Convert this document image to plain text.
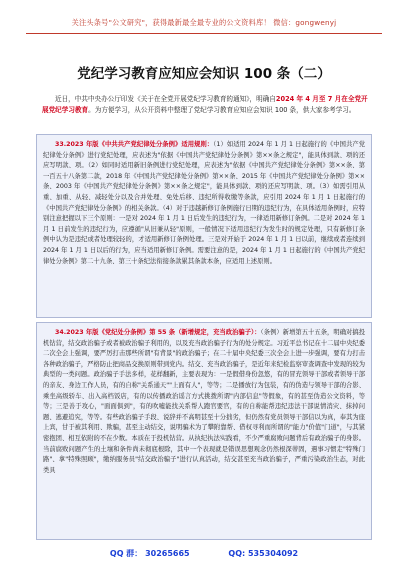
关注头条号"公文研究"，获得最新最全最专业的公文资料库！ 微信：gongwenyj
党纪学习教育应知应会知识 100 条（二）
近日，中共中央办公厅印发《关于在全党开展党纪学习教育的通知》，明确自2024 年 4 月至 7 月在全党开展党纪学习教育。为方便学习，从公开资料中整理了党纪学习教育应知应会知识 100 条，供大家参考学习。

33.2023 年版《中共共产党纪律处分条例》适用规则：（1）如适用 2024 年 1 月 1 日起施行的《中国共产党纪律处分条例》进行党纪处理，应表述为"依据《中国共产党纪律处分条例》第××条之规定"，能具体到款、项的还应写明款、项。（2）如同时适用新旧条例进行党纪处理，应表述为"依据《中国共产党纪律处分条例》第××条、第一百五十八条第二款，2018 年《中国共产党纪律处分条例》第××条、2015 年《中国共产党纪律处分条例》第××条、2003 年《中国共产党纪律处分条例》第××条之规定"，能具体到款、项的还应写明款、项。（3）如需引用从重、加重、从轻、减轻处分以及合并处理、免处后移、违纪所得收缴等条款，应引用 2024 年 1 月 1 日起施行的《中国共产党纪律处分条例》的相关条款。（4）对于违越新修订条例施行日期的违纪行为，在具体适用条例时，应特别注意把握以下三个原则：一是对 2024 年 1 月 1 日后发生的违纪行为，一律适用新修订条例。二是对 2024 年 1 月 1 日前发生的违纪行为，应遵循"从旧兼从轻"原则，一般情况下适用违纪行为发生时的规定处理，只有新修订条例中认为是违纪或者处理较轻的，才适用新修订条例处理。三是对开始于 2024 年 1 月 1 日以前，继续或者连续到 2024 年 1 月 1 日以后的行为，应当适用新修订条例。需要注意的是，2024 年 1 月 1 日起施行的《中国共产党纪律处分条例》第二十九条、第三十条纪法衔接条款累其条款本条，应适用上述原则。

34.2023 年版《党纪处分条例》第 55 条（新增规定，充当政治骗子）：（条例）新增第五十五条，明确对搞投机钻营，结交政治骗子或者被政治骗子利用的，以及充当政治骗子行为的处分规定。习近平总书记在十二届中央纪委二次全会上强调，要严厉打击那些所谓"有背景"的政治骗子；在二十届中央纪委三次全会上进一步强调，要有力打击各种政治骗子，严格防止把商品交换原则带到党内。结交、充当政治骗子，是近年来纪检监察审查调查中发现的较为典型的一类问题。政治骗子手法多样，花样翻新，主要表现为：一是假借身份忽悠，有的冒充领导干部或者领导干部的亲友、身边工作人员，有的自称"关系通天""上面有人"，等等；二是播放行为包装，有的伪造与领导干部的合影、乘坐高级轿车、出入高档饭店，有的以传播政治谣言方式挑拨所谓"内部信息"等假象，有的甚至伪造公文资料，等等；三是善于攻心，"面面俱到"，有的吹嘘能找关系帮人跑官要官，有的自称能帮违纪违法干部说情消灾、抹掉问题、逃避追究，等等。有些政治骗子手段、说辞并不高明甚至十分拙劣，但仍然有党员领导干部信以为真，奉其为座上宾，甘于被其利用、欺骗，甚至主动结交，说明骗术为了攀附靠帮、借权寻利而所谓的"能力"价值"门道"，与其紧密抱团、相互依附的不在少数。本质在于投机钻营。从执纪执法实践看，不少严重腐败问题背后有政治骗子的身影。当前腐败问题产生的土壤和条件尚未彻底根除，其中一个表现就是错误思想观念仍然根深蒂固，遇事习惯走"特殊门路"、拿"特殊照顾"，缴纳服务员"结交政治骗子"进行认真活动，结交甚至充当政治骗子，严重污染政治生态，对此类具

QQ 群： 30265665	QQ: 535304092
